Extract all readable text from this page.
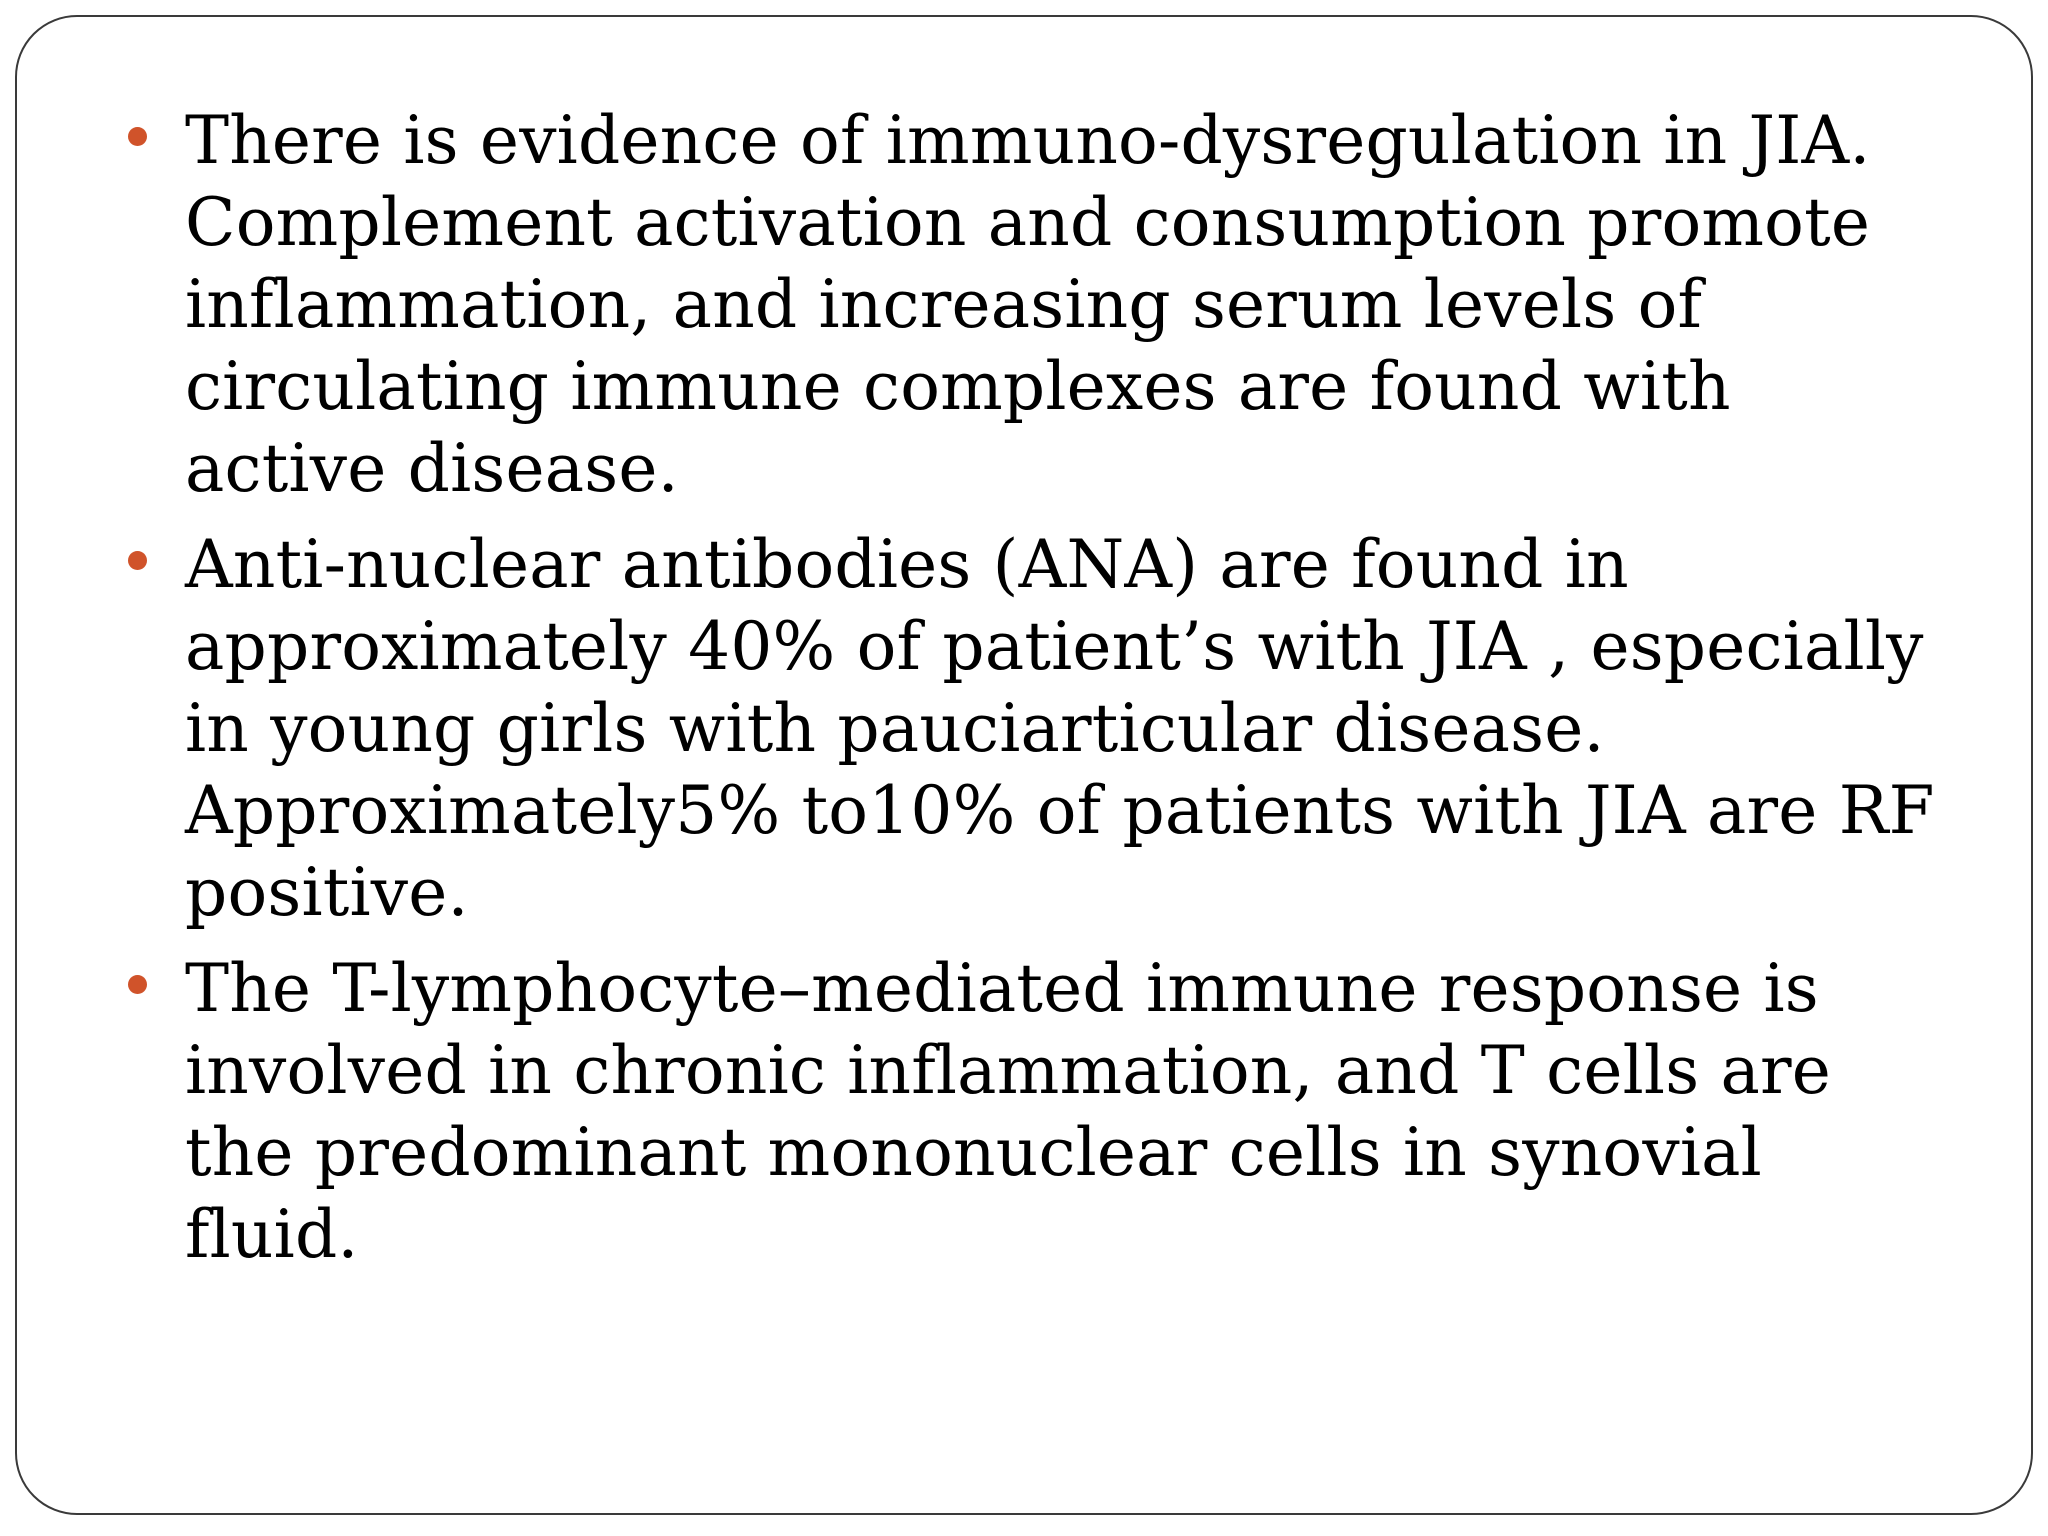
There is evidence of immuno-dysregulation in JIA.
Complement activation and consumption promote
inflammation, and increasing serum levels of
circulating immune complexes are found with
active disease.
Anti-nuclear antibodies (ANA) are found in
approximately 40% of patient’s with JIA , especially
in young girls with pauciarticular disease.
Approximately5% to10% of patients with JIA are RF
positive.
The T-lymphocyte–mediated immune response is
involved in chronic inflammation, and T cells are
the predominant mononuclear cells in synovial
fluid.
